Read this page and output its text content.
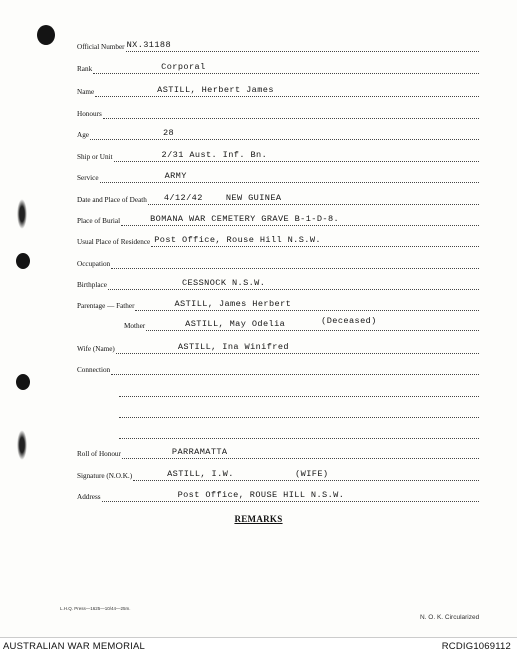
Official Number NX.31188
Rank	Corporal
Name	ASTILL, Herbert James
Honours
Age	28
Ship or Unit	2/31 Aust. Inf. Bn.
Service	ARMY
Date and Place of Death 4/12/42	NEW GUINEA
Place of Burial	BOMANA WAR CEMETERY GRAVE B-1-D-8.
Usual Place of Residence Post Office, Rouse Hill N.S.W.
Occupation
Birthplace	CESSNOCK N.S.W.
Parentage — Father	ASTILL, James Herbert
Mother	ASTILL, May Odelia	(Deceased)
Wife (Name)	ASTILL, Ina Winifred
Connection
Roll of Honour	PARRAMATTA
Signature (N.O.K.)	ASTILL, I.W.	(WIFE)
Address	Post Office, ROUSE HILL N.S.W.
REMARKS
L.H.Q. Press—1625—10/44—25m.
N. O. K. Circularized
AUSTRALIAN WAR MEMORIAL	RCDIG1069112
